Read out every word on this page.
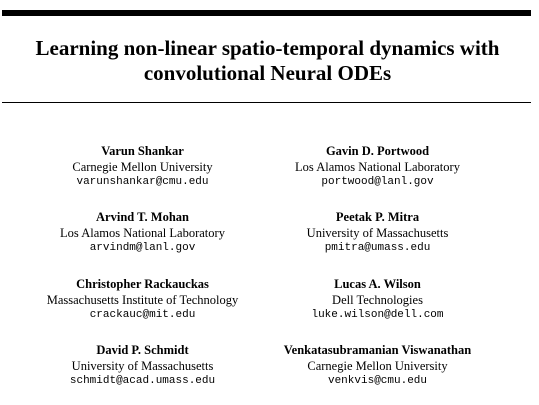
Learning non-linear spatio-temporal dynamics with
convolutional Neural ODEs
Varun Shankar
Carnegie Mellon University
varunshankar@cmu.edu
Gavin D. Portwood
Los Alamos National Laboratory
portwood@lanl.gov
Arvind T. Mohan
Los Alamos National Laboratory
arvindm@lanl.gov
Peetak P. Mitra
University of Massachusetts
pmitra@umass.edu
Christopher Rackauckas
Massachusetts Institute of Technology
crackauc@mit.edu
Lucas A. Wilson
Dell Technologies
luke.wilson@dell.com
David P. Schmidt
University of Massachusetts
schmidt@acad.umass.edu
Venkatasubramanian Viswanathan
Carnegie Mellon University
venkvis@cmu.edu
